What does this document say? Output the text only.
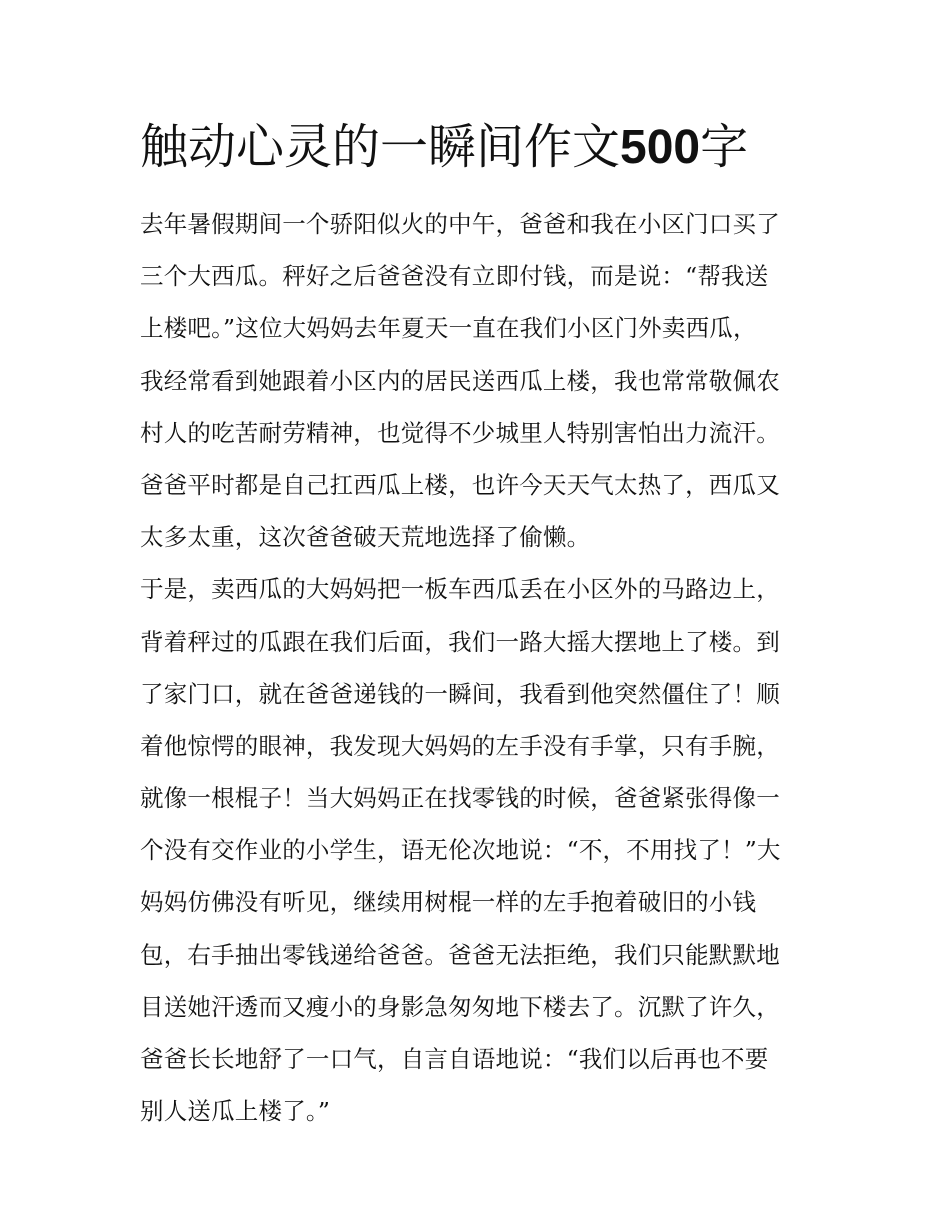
触动心灵的一瞬间作文500字
去年暑假期间一个骄阳似火的中午，爸爸和我在小区门口买了
三个大西瓜。秤好之后爸爸没有立即付钱，而是说：“帮我送
上楼吧。”这位大妈妈去年夏天一直在我们小区门外卖西瓜，
我经常看到她跟着小区内的居民送西瓜上楼，我也常常敬佩农
村人的吃苦耐劳精神，也觉得不少城里人特别害怕出力流汗。
爸爸平时都是自己扛西瓜上楼，也许今天天气太热了，西瓜又
太多太重，这次爸爸破天荒地选择了偷懒。
于是，卖西瓜的大妈妈把一板车西瓜丢在小区外的马路边上，
背着秤过的瓜跟在我们后面，我们一路大摇大摆地上了楼。到
了家门口，就在爸爸递钱的一瞬间，我看到他突然僵住了！顺
着他惊愕的眼神，我发现大妈妈的左手没有手掌，只有手腕，
就像一根棍子！当大妈妈正在找零钱的时候，爸爸紧张得像一
个没有交作业的小学生，语无伦次地说：“不，不用找了！”大
妈妈仿佛没有听见，继续用树棍一样的左手抱着破旧的小钱
包，右手抽出零钱递给爸爸。爸爸无法拒绝，我们只能默默地
目送她汗透而又瘦小的身影急匆匆地下楼去了。沉默了许久，
爸爸长长地舒了一口气，自言自语地说：“我们以后再也不要
别人送瓜上楼了。”
